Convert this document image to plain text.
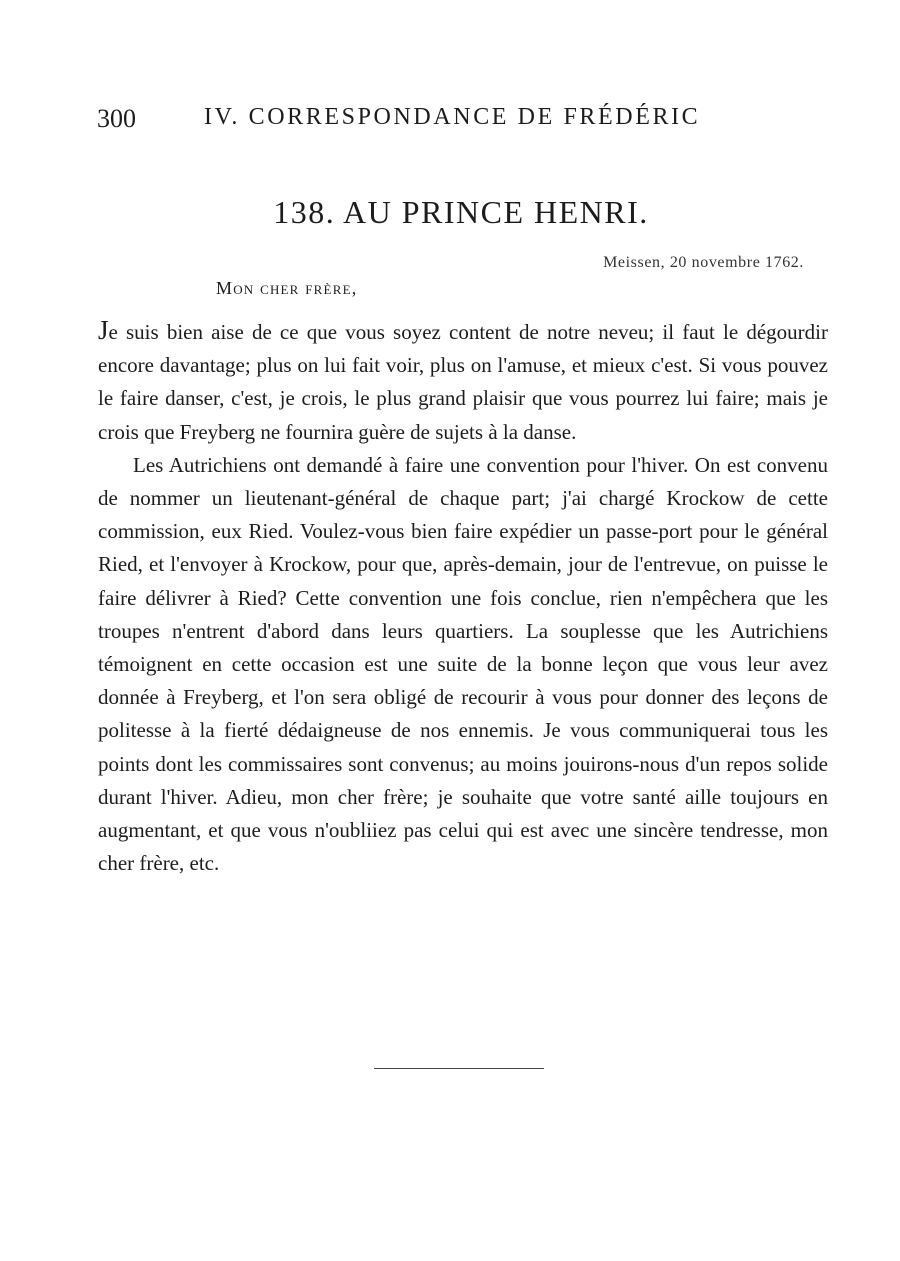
300	IV. CORRESPONDANCE DE FRÉDÉRIC
138. AU PRINCE HENRI.
Meissen, 20 novembre 1762.
Mon cher frère,

Je suis bien aise de ce que vous soyez content de notre neveu; il faut le dégourdir encore davantage; plus on lui fait voir, plus on l'amuse, et mieux c'est. Si vous pouvez le faire danser, c'est, je crois, le plus grand plaisir que vous pourrez lui faire; mais je crois que Freyberg ne fournira guère de sujets à la danse.

Les Autrichiens ont demandé à faire une convention pour l'hiver. On est convenu de nommer un lieutenant-général de chaque part; j'ai chargé Krockow de cette commission, eux Ried. Voulez-vous bien faire expédier un passe-port pour le général Ried, et l'envoyer à Krockow, pour que, après-demain, jour de l'entrevue, on puisse le faire délivrer à Ried? Cette convention une fois conclue, rien n'empêchera que les troupes n'entrent d'abord dans leurs quartiers. La souplesse que les Autrichiens témoignent en cette occasion est une suite de la bonne leçon que vous leur avez donnée à Freyberg, et l'on sera obligé de recourir à vous pour donner des leçons de politesse à la fierté dédaigneuse de nos ennemis. Je vous communiquerai tous les points dont les commissaires sont convenus; au moins jouirons-nous d'un repos solide durant l'hiver. Adieu, mon cher frère; je souhaite que votre santé aille toujours en augmentant, et que vous n'oubliiez pas celui qui est avec une sincère tendresse, mon cher frère, etc.
